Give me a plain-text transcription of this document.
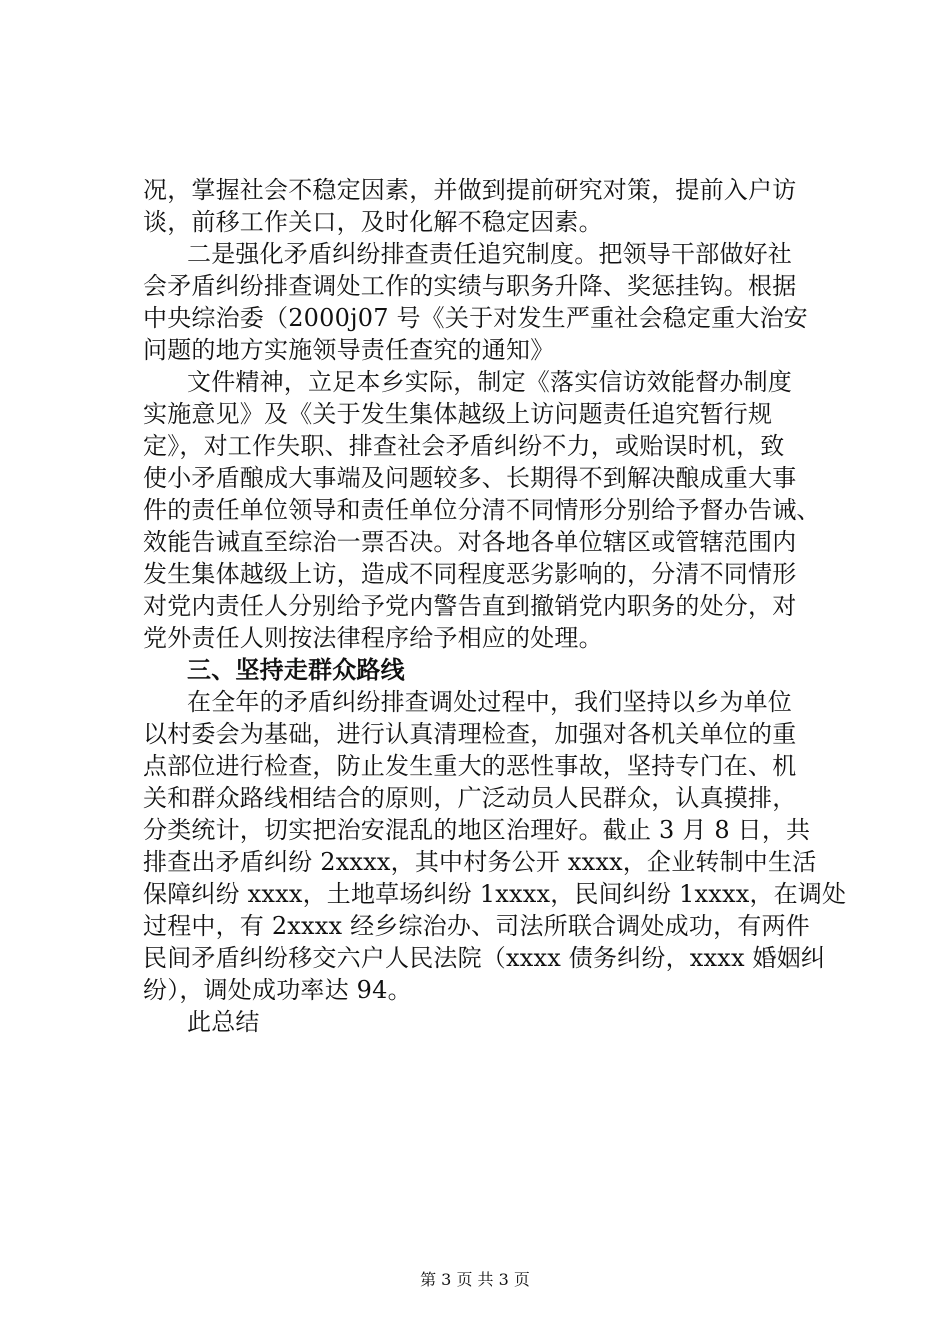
况，掌握社会不稳定因素，并做到提前研究对策，提前入户访
谈，前移工作关口，及时化解不稳定因素。
二是强化矛盾纠纷排查责任追究制度。把领导干部做好社
会矛盾纠纷排查调处工作的实绩与职务升降、奖惩挂钩。根据
中央综治委（2000j07 号《关于对发生严重社会稳定重大治安
问题的地方实施领导责任查究的通知》
文件精神，立足本乡实际，制定《落实信访效能督办制度
实施意见》及《关于发生集体越级上访问题责任追究暂行规
定》，对工作失职、排查社会矛盾纠纷不力，或贻误时机，致
使小矛盾酿成大事端及问题较多、长期得不到解决酿成重大事
件的责任单位领导和责任单位分清不同情形分别给予督办告诫、
效能告诫直至综治一票否决。对各地各单位辖区或管辖范围内
发生集体越级上访，造成不同程度恶劣影响的，分清不同情形
对党内责任人分别给予党内警告直到撤销党内职务的处分，对
党外责任人则按法律程序给予相应的处理。
三、坚持走群众路线
在全年的矛盾纠纷排查调处过程中，我们坚持以乡为单位
以村委会为基础，进行认真清理检查，加强对各机关单位的重
点部位进行检查，防止发生重大的恶性事故，坚持专门在、机
关和群众路线相结合的原则，广泛动员人民群众，认真摸排，
分类统计，切实把治安混乱的地区治理好。截止 3 月 8 日，共
排查出矛盾纠纷 2xxxx，其中村务公开 xxxx，企业转制中生活
保障纠纷 xxxx，土地草场纠纷 1xxxx，民间纠纷 1xxxx，在调处
过程中，有 2xxxx 经乡综治办、司法所联合调处成功，有两件
民间矛盾纠纷移交六户人民法院（xxxx 债务纠纷，xxxx 婚姻纠
纷），调处成功率达 94。
此总结
第 3 页 共 3 页
